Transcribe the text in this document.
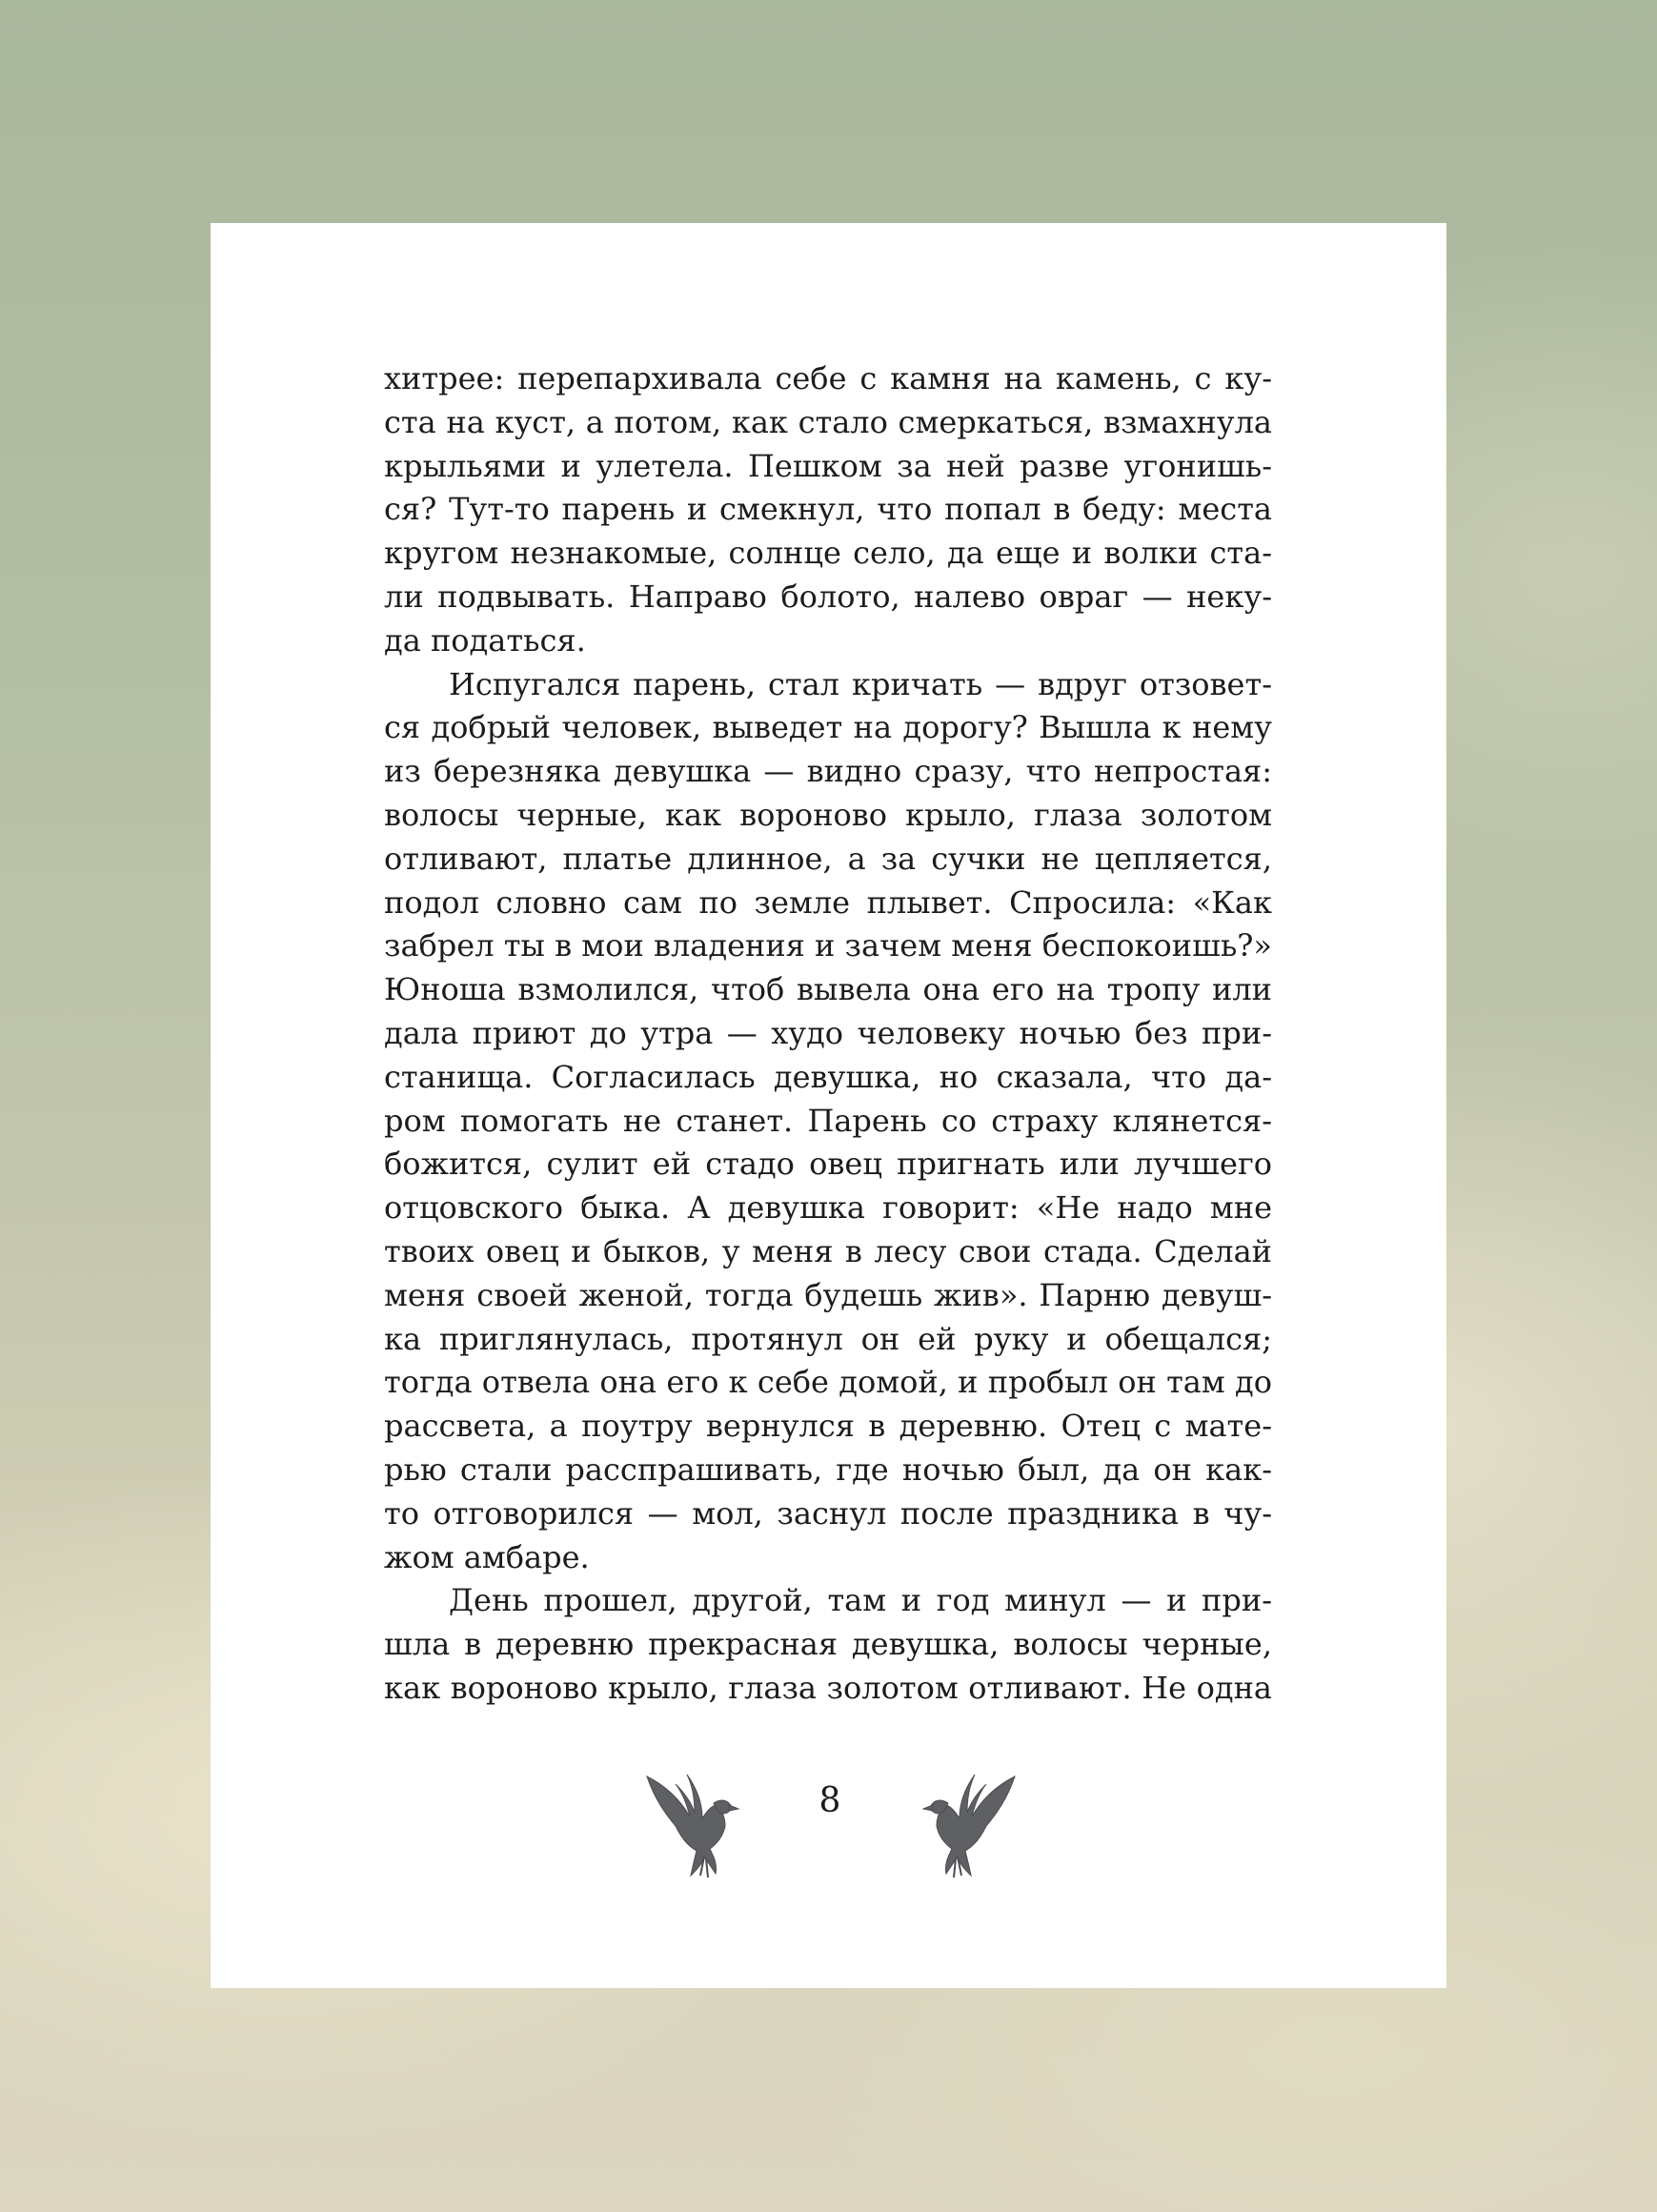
хитрее: перепархивала себе с камня на камень, с ку-
ста на куст, а потом, как стало смеркаться, взмахнула
крыльями и улетела. Пешком за ней разве угонишь-
ся? Тут-то парень и смекнул, что попал в беду: места
кругом незнакомые, солнце село, да еще и волки ста-
ли подвывать. Направо болото, налево овраг — неку-
да податься.
Испугался парень, стал кричать — вдруг отзовет-
ся добрый человек, выведет на дорогу? Вышла к нему
из березняка девушка — видно сразу, что непростая:
волосы черные, как вороново крыло, глаза золотом
отливают, платье длинное, а за сучки не цепляется,
подол словно сам по земле плывет. Спросила: «Как
забрел ты в мои владения и зачем меня беспокоишь?»
Юноша взмолился, чтоб вывела она его на тропу или
дала приют до утра — худо человеку ночью без при-
станища. Согласилась девушка, но сказала, что да-
ром помогать не станет. Парень со страху клянется-
божится, сулит ей стадо овец пригнать или лучшего
отцовского быка. А девушка говорит: «Не надо мне
твоих овец и быков, у меня в лесу свои стада. Сделай
меня своей женой, тогда будешь жив». Парню девуш-
ка приглянулась, протянул он ей руку и обещался;
тогда отвела она его к себе домой, и пробыл он там до
рассвета, а поутру вернулся в деревню. Отец с мате-
рью стали расспрашивать, где ночью был, да он как-
то отговорился — мол, заснул после праздника в чу-
жом амбаре.
День прошел, другой, там и год минул — и при-
шла в деревню прекрасная девушка, волосы черные,
как вороново крыло, глаза золотом отливают. Не одна
8
